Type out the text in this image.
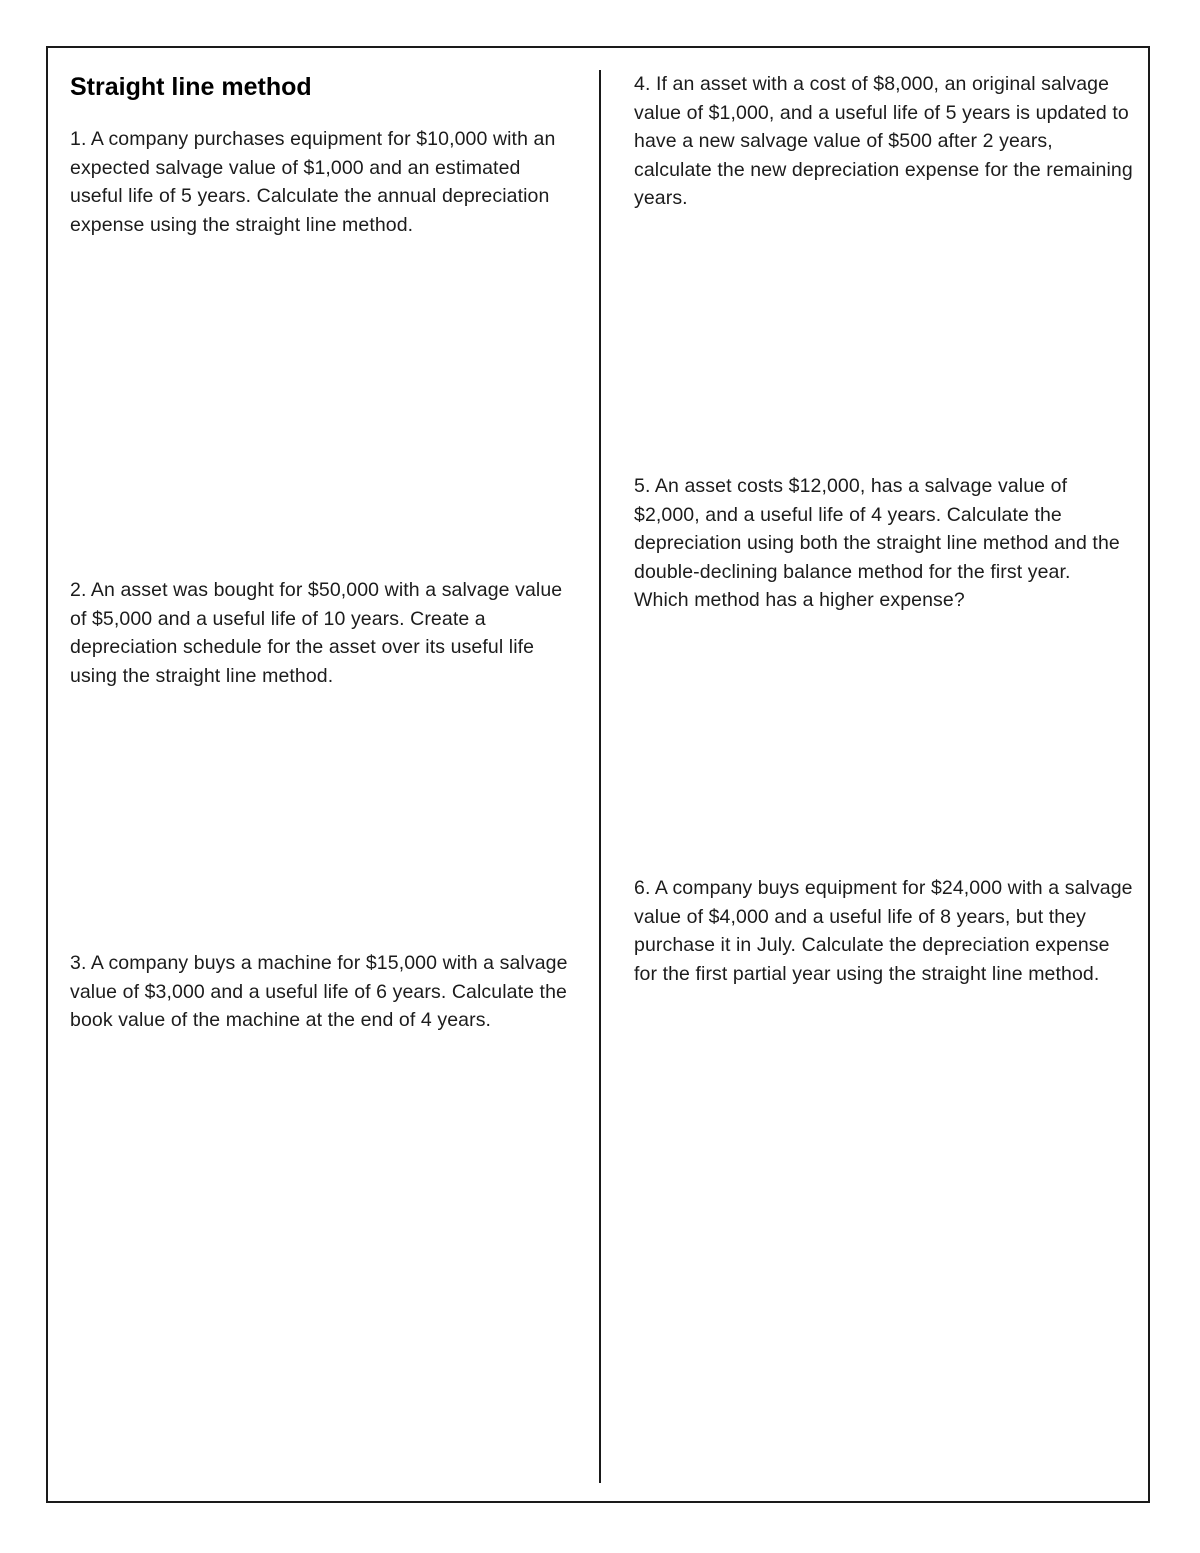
Straight line method

1. A company purchases equipment for $10,000 with an expected salvage value of $1,000 and an estimated useful life of 5 years. Calculate the annual depreciation expense using the straight line method.

2. An asset was bought for $50,000 with a salvage value of $5,000 and a useful life of 10 years. Create a depreciation schedule for the asset over its useful life using the straight line method.

3. A company buys a machine for $15,000 with a salvage value of $3,000 and a useful life of 6 years. Calculate the book value of the machine at the end of 4 years.

4. If an asset with a cost of $8,000, an original salvage value of $1,000, and a useful life of 5 years is updated to have a new salvage value of $500 after 2 years, calculate the new depreciation expense for the remaining years.

5. An asset costs $12,000, has a salvage value of $2,000, and a useful life of 4 years. Calculate the depreciation using both the straight line method and the double-declining balance method for the first year. Which method has a higher expense?

6. A company buys equipment for $24,000 with a salvage value of $4,000 and a useful life of 8 years, but they purchase it in July. Calculate the depreciation expense for the first partial year using the straight line method.
